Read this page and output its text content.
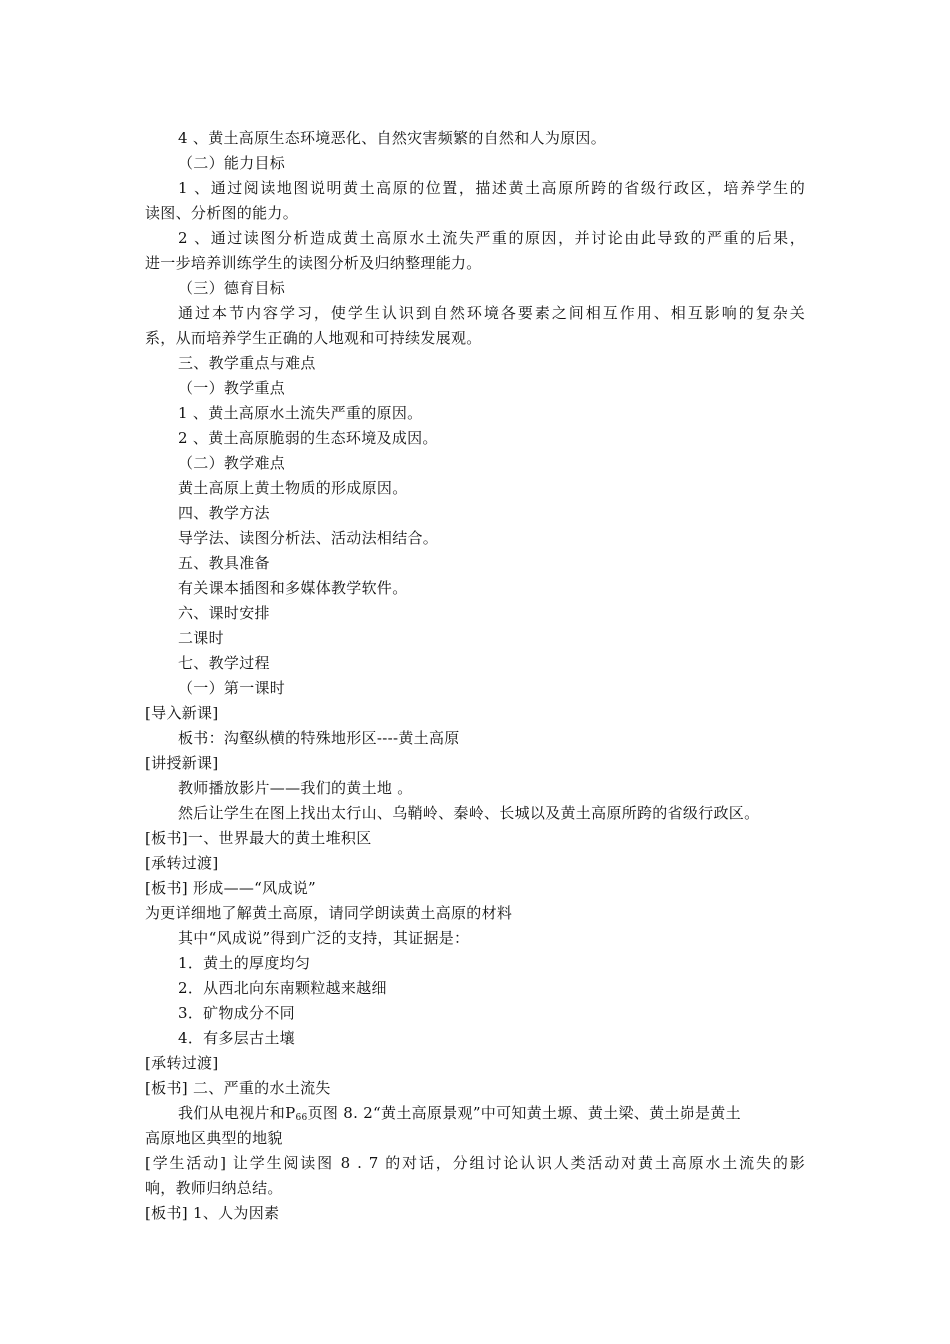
4 、黄土高原生态环境恶化、自然灾害频繁的自然和人为原因。

（二）能力目标

1 、通过阅读地图说明黄土高原的位置，描述黄土高原所跨的省级行政区，培养学生的

读图、分析图的能力。

2 、通过读图分析造成黄土高原水土流失严重的原因，并讨论由此导致的严重的后果，

进一步培养训练学生的读图分析及归纳整理能力。

（三）德育目标

通过本节内容学习，使学生认识到自然环境各要素之间相互作用、相互影响的复杂关

系，从而培养学生正确的人地观和可持续发展观。

三、教学重点与难点

（一）教学重点

1 、黄土高原水土流失严重的原因。

2 、黄土高原脆弱的生态环境及成因。

（二）教学难点

黄土高原上黄土物质的形成原因。

四、教学方法

导学法、读图分析法、活动法相结合。

五、教具准备

有关课本插图和多媒体教学软件。

六、课时安排

二课时

七、教学过程

（一）第一课时

[导入新课]

板书：沟壑纵横的特殊地形区----黄土高原

[讲授新课]

教师播放影片——我们的黄土地 。

然后让学生在图上找出太行山、乌鞘岭、秦岭、长城以及黄土高原所跨的省级行政区。

[板书]一、世界最大的黄土堆积区

[承转过渡]

[板书] 形成——“风成说”

为更详细地了解黄土高原，请同学朗读黄土高原的材料

其中“风成说”得到广泛的支持，其证据是：

1．黄土的厚度均匀

2．从西北向东南颗粒越来越细

3．矿物成分不同

4．有多层古土壤

[承转过渡]

[板书] 二、严重的水土流失

我们从电视片和$P_{66}$页图 8. 2“黄土高原景观”中可知黄土塬、黄土梁、黄土峁是黄土

高原地区典型的地貌

[学生活动] 让学生阅读图 8 . 7 的对话，分组讨论认识人类活动对黄土高原水土流失的影

响，教师归纳总结。

[板书] 1、人为因素
